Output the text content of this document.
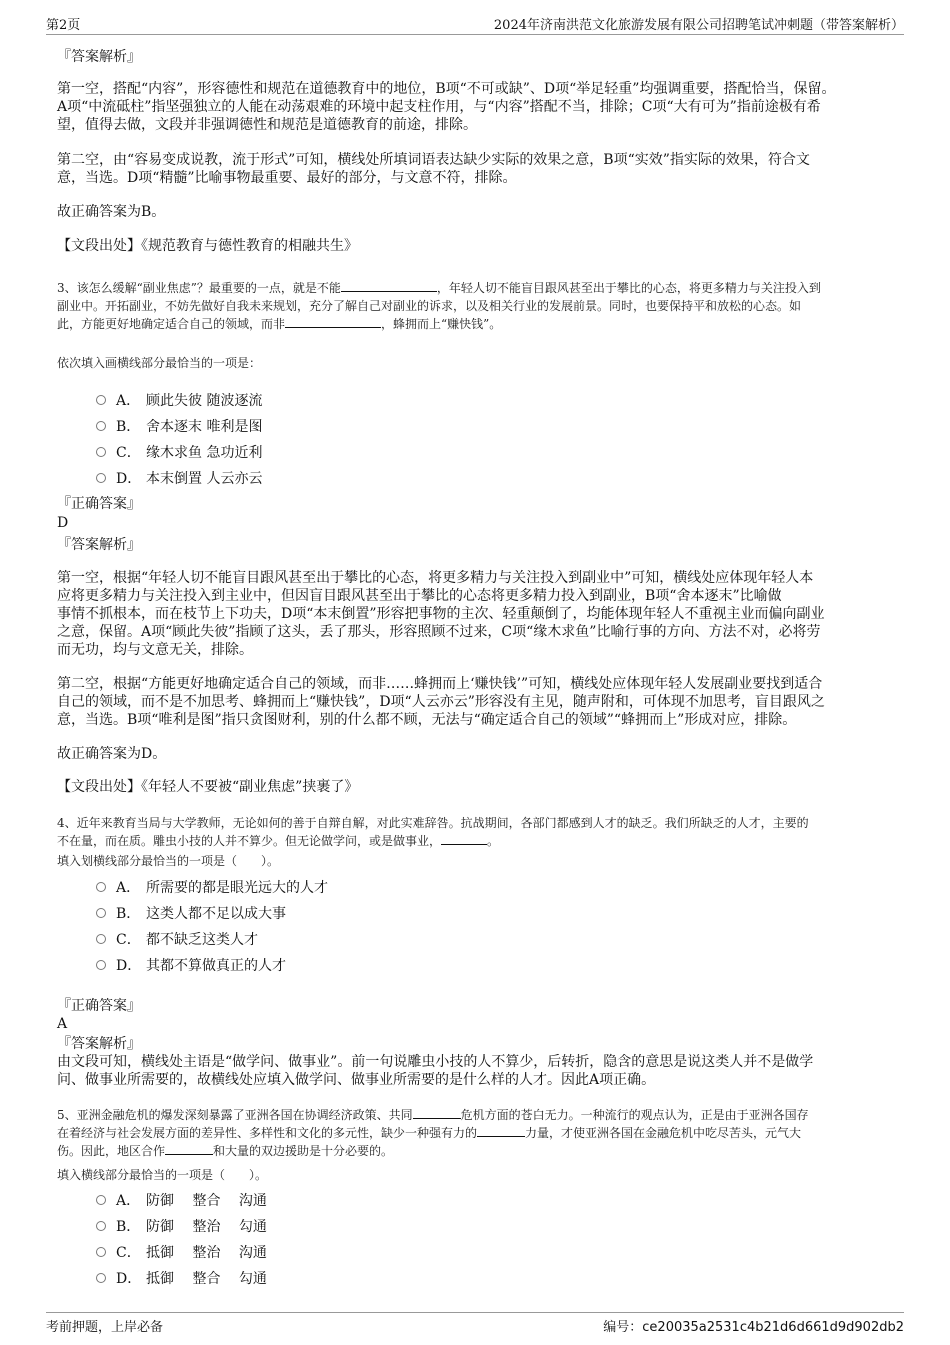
第2页	2024年济南洪范文化旅游发展有限公司招聘笔试冲刺题（带答案解析）
『答案解析』
第一空，搭配“内容”，形容德性和规范在道德教育中的地位，B项“不可或缺”、D项“举足轻重”均强调重要，搭配恰当，保留。
A项“中流砥柱”指坚强独立的人能在动荡艰难的环境中起支柱作用，与“内容”搭配不当，排除；C项“大有可为”指前途极有希
望，值得去做，文段并非强调德性和规范是道德教育的前途，排除。
第二空，由“容易变成说教，流于形式”可知，横线处所填词语表达缺少实际的效果之意，B项“实效”指实际的效果，符合文
意，当选。D项“精髓”比喻事物最重要、最好的部分，与文意不符，排除。
故正确答案为B。
【文段出处】《规范教育与德性教育的相融共生》
3、该怎么缓解“副业焦虑”？最重要的一点，就是不能	，年轻人切不能盲目跟风甚至出于攀比的心态，将更多精力与关注投入到
副业中。开拓副业，不妨先做好自我未来规划，充分了解自己对副业的诉求，以及相关行业的发展前景。同时，也要保持平和放松的心态。如
此，方能更好地确定适合自己的领域，而非	，蜂拥而上“赚快钱”。
依次填入画横线部分最恰当的一项是：
A． 顾此失彼 随波逐流
B． 舍本逐末 唯利是图
C． 缘木求鱼 急功近利
D． 本末倒置 人云亦云
『正确答案』
D
『答案解析』
第一空，根据“年轻人切不能盲目跟风甚至出于攀比的心态，将更多精力与关注投入到副业中”可知，横线处应体现年轻人本
应将更多精力与关注投入到主业中，但因盲目跟风甚至出于攀比的心态将更多精力投入到副业，B项“舍本逐末”比喻做
事情不抓根本，而在枝节上下功夫，D项“本末倒置”形容把事物的主次、轻重颠倒了，均能体现年轻人不重视主业而偏向副业
之意，保留。A项“顾此失彼”指顾了这头，丢了那头，形容照顾不过来，C项“缘木求鱼”比喻行事的方向、方法不对，必将劳
而无功，均与文意无关，排除。
第二空，根据“方能更好地确定适合自己的领域，而非……蜂拥而上‘赚快钱’”可知，横线处应体现年轻人发展副业要找到适合
自己的领域，而不是不加思考、蜂拥而上“赚快钱”，D项“人云亦云”形容没有主见，随声附和，可体现不加思考，盲目跟风之
意，当选。B项“唯利是图”指只贪图财利，别的什么都不顾，无法与“确定适合自己的领域”“蜂拥而上”形成对应，排除。
故正确答案为D。
【文段出处】《年轻人不要被“副业焦虑”挟裹了》
4、近年来教育当局与大学教师，无论如何的善于自辩自解，对此实难辞咎。抗战期间，各部门都感到人才的缺乏。我们所缺乏的人才，主要的
不在量，而在质。雕虫小技的人并不算少。但无论做学问，或是做事业，	。
填入划横线部分最恰当的一项是（　　）。
A． 所需要的都是眼光远大的人才
B． 这类人都不足以成大事
C． 都不缺乏这类人才
D． 其都不算做真正的人才
『正确答案』
A
『答案解析』
由文段可知，横线处主语是“做学问、做事业”。前一句说雕虫小技的人不算少，后转折，隐含的意思是说这类人并不是做学
问、做事业所需要的，故横线处应填入做学问、做事业所需要的是什么样的人才。因此A项正确。
5、亚洲金融危机的爆发深刻暴露了亚洲各国在协调经济政策、共同	危机方面的苍白无力。一种流行的观点认为，正是由于亚洲各国存
在着经济与社会发展方面的差异性、多样性和文化的多元性，缺少一种强有力的	力量，才使亚洲各国在金融危机中吃尽苦头，元气大
伤。因此，地区合作	和大量的双边援助是十分必要的。
填入横线部分最恰当的一项是（　　）。
A． 防御　 整合　 沟通
B． 防御　 整治　 勾通
C． 抵御　 整治　 沟通
D． 抵御　 整合　 勾通
考前押题，上岸必备	编号：ce20035a2531c4b21d6d661d9d902db2
